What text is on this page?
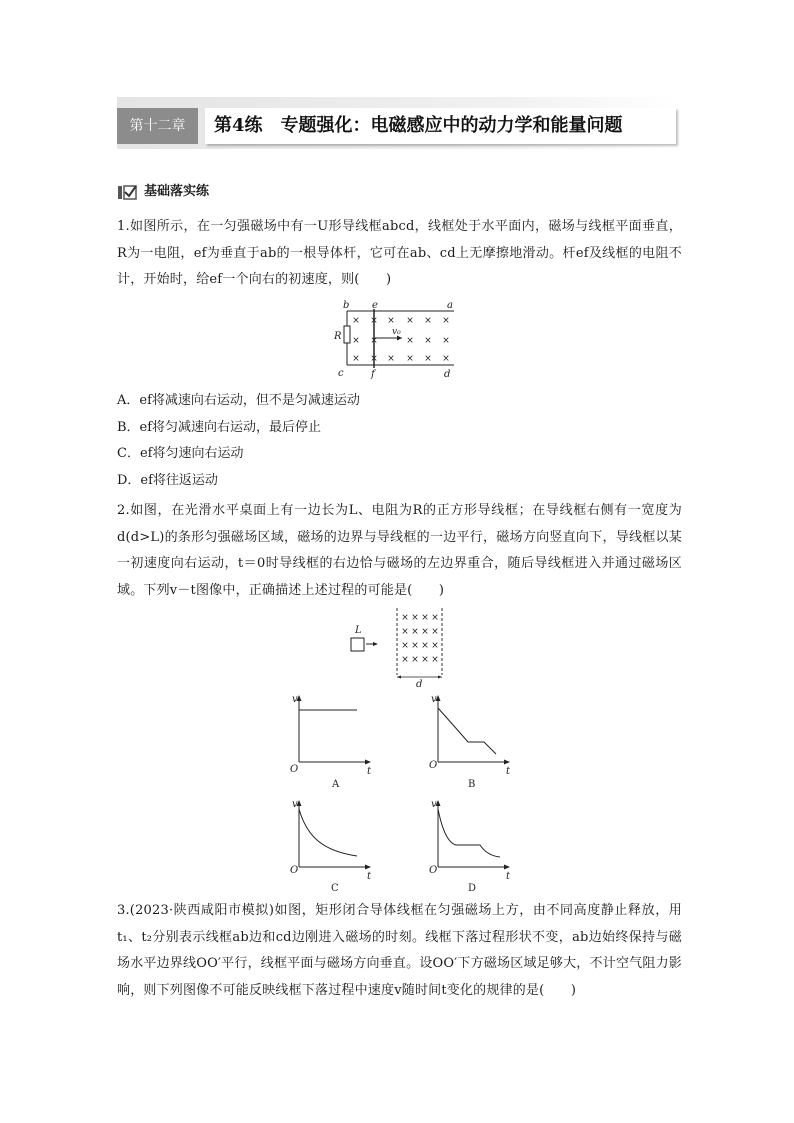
第十二章	第4练　专题强化：电磁感应中的动力学和能量问题
基础落实练

1.如图所示，在一匀强磁场中有一U形导线框abcd，线框处于水平面内，磁场与线框平面垂直，R为一电阻，ef为垂直于ab的一根导体杆，它可在ab、cd上无摩擦地滑动。杆ef及线框的电阻不计，开始时，给ef一个向右的初速度，则(　　)

× × × × × ×
× ×	× × ×
× × × × × ×
b e	a
c	f	d
R	v₀
A．ef将减速向右运动，但不是匀减速运动
B．ef将匀减速向右运动，最后停止
C．ef将匀速向右运动
D．ef将往返运动

2.如图，在光滑水平桌面上有一边长为L、电阻为R的正方形导线框；在导线框右侧有一宽度为d(d>L)的条形匀强磁场区域，磁场的边界与导线框的一边平行，磁场方向竖直向下，导线框以某一初速度向右运动，t＝0时导线框的右边恰与磁场的左边界重合，随后导线框进入并通过磁场区域。下列v－t图像中，正确描述上述过程的可能是(　　)

L
× × × ×
× × × ×
× × × ×
× × × ×
d
v
t
O
A
v
t
O
B
v
t
O
C
v
t
O
D

3.(2023·陕西咸阳市模拟)如图，矩形闭合导体线框在匀强磁场上方，由不同高度静止释放，用t₁、t₂分别表示线框ab边和cd边刚进入磁场的时刻。线框下落过程形状不变，ab边始终保持与磁场水平边界线OO′平行，线框平面与磁场方向垂直。设OO′下方磁场区域足够大，不计空气阻力影响，则下列图像不可能反映线框下落过程中速度v随时间t变化的规律的是(　　)
